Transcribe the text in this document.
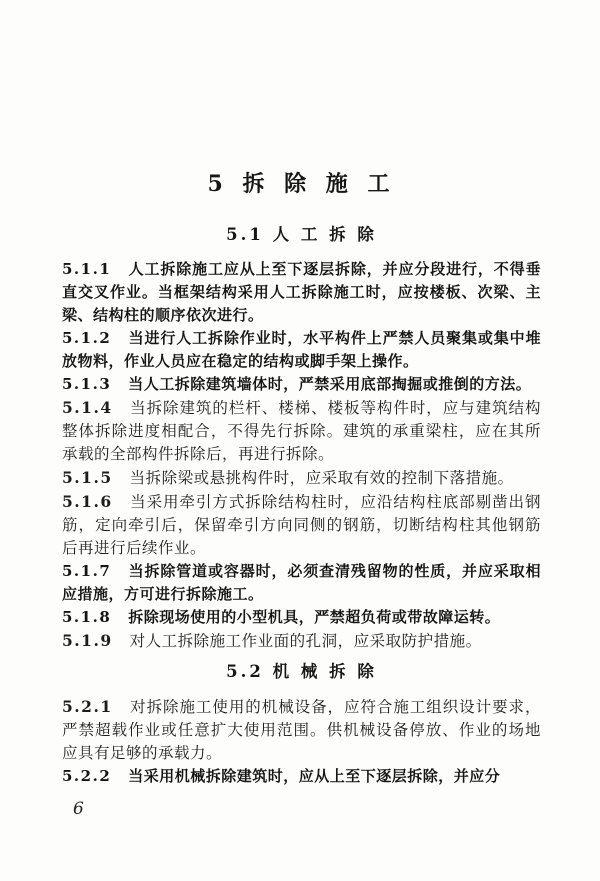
5 拆 除 施 工
5.1 人 工 拆 除

5.1.1 人工拆除施工应从上至下逐层拆除，并应分段进行，不得垂直交叉作业。当框架结构采用人工拆除施工时，应按楼板、次梁、主梁、结构柱的顺序依次进行。

5.1.2 当进行人工拆除作业时，水平构件上严禁人员聚集或集中堆放物料，作业人员应在稳定的结构或脚手架上操作。

5.1.3 当人工拆除建筑墙体时，严禁采用底部掏掘或推倒的方法。

5.1.4 当拆除建筑的栏杆、楼梯、楼板等构件时，应与建筑结构整体拆除进度相配合，不得先行拆除。建筑的承重梁柱，应在其所承载的全部构件拆除后，再进行拆除。

5.1.5 当拆除梁或悬挑构件时，应采取有效的控制下落措施。

5.1.6 当采用牵引方式拆除结构柱时，应沿结构柱底部剔凿出钢筋，定向牵引后，保留牵引方向同侧的钢筋，切断结构柱其他钢筋后再进行后续作业。

5.1.7 当拆除管道或容器时，必须查清残留物的性质，并应采取相应措施，方可进行拆除施工。

5.1.8 拆除现场使用的小型机具，严禁超负荷或带故障运转。

5.1.9 对人工拆除施工作业面的孔洞，应采取防护措施。

5.2 机 械 拆 除

5.2.1 对拆除施工使用的机械设备，应符合施工组织设计要求，严禁超载作业或任意扩大使用范围。供机械设备停放、作业的场地应具有足够的承载力。

5.2.2 当采用机械拆除建筑时，应从上至下逐层拆除，并应分

6
